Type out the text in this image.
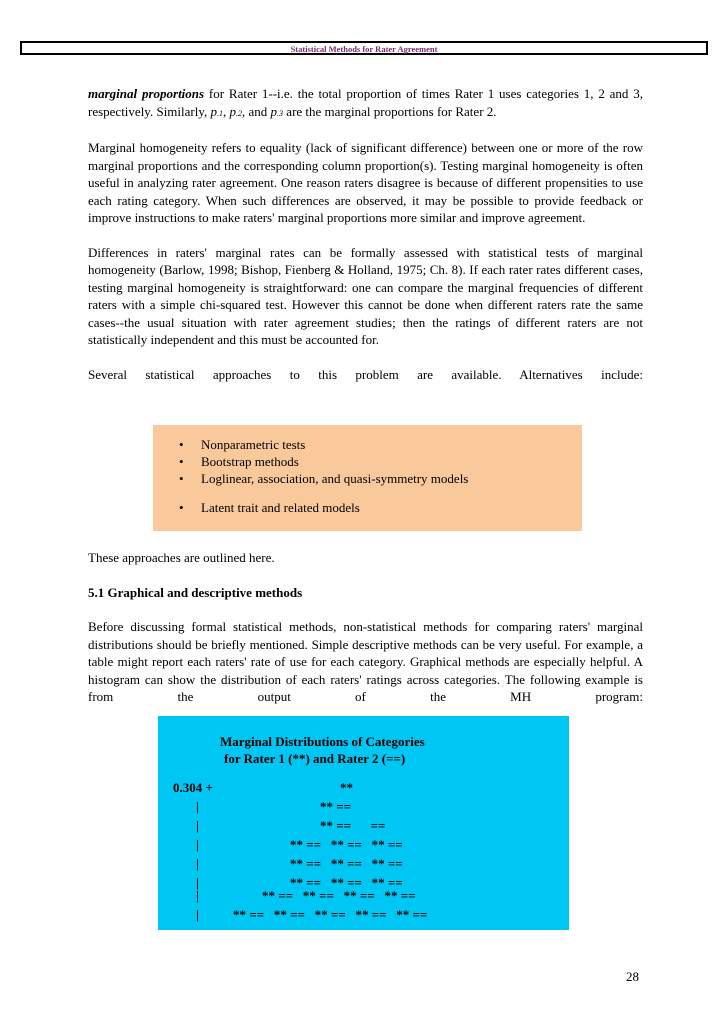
Statistical Methods for Rater Agreement

marginal proportions for Rater 1--i.e. the total proportion of times Rater 1 uses categories 1, 2 and 3, respectively. Similarly, p.1, p.2, and p.3 are the marginal proportions for Rater 2.

Marginal homogeneity refers to equality (lack of significant difference) between one or more of the row marginal proportions and the corresponding column proportion(s). Testing marginal homogeneity is often useful in analyzing rater agreement. One reason raters disagree is because of different propensities to use each rating category. When such differences are observed, it may be possible to provide feedback or improve instructions to make raters' marginal proportions more similar and improve agreement.

Differences in raters' marginal rates can be formally assessed with statistical tests of marginal homogeneity (Barlow, 1998; Bishop, Fienberg & Holland, 1975; Ch. 8). If each rater rates different cases, testing marginal homogeneity is straightforward: one can compare the marginal frequencies of different raters with a simple chi-squared test. However this cannot be done when different raters rate the same cases--the usual situation with rater agreement studies; then the ratings of different raters are not statistically independent and this must be accounted for.

Several statistical approaches to this problem are available. Alternatives include:

• Nonparametric tests
• Bootstrap methods
• Loglinear, association, and quasi-symmetry models
• Latent trait and related models

These approaches are outlined here.

5.1 Graphical and descriptive methods

Before discussing formal statistical methods, non-statistical methods for comparing raters' marginal distributions should be briefly mentioned. Simple descriptive methods can be very useful. For example, a table might report each raters' rate of use for each category. Graphical methods are especially helpful. A histogram can show the distribution of each raters' ratings across categories. The following example is from the output of the MH program:

Marginal Distributions of Categories
for Rater 1 (**) and Rater 2 (==)
0.304 +
|
|
|
|
|
|
**
** ==
** ==      ==
** ==   ** ==   ** ==
** ==   ** ==   ** ==
** ==   ** ==   ** ==
** ==   ** ==   ** ==   ** ==
|	** ==   ** ==   ** ==   ** ==   ** ==
28
